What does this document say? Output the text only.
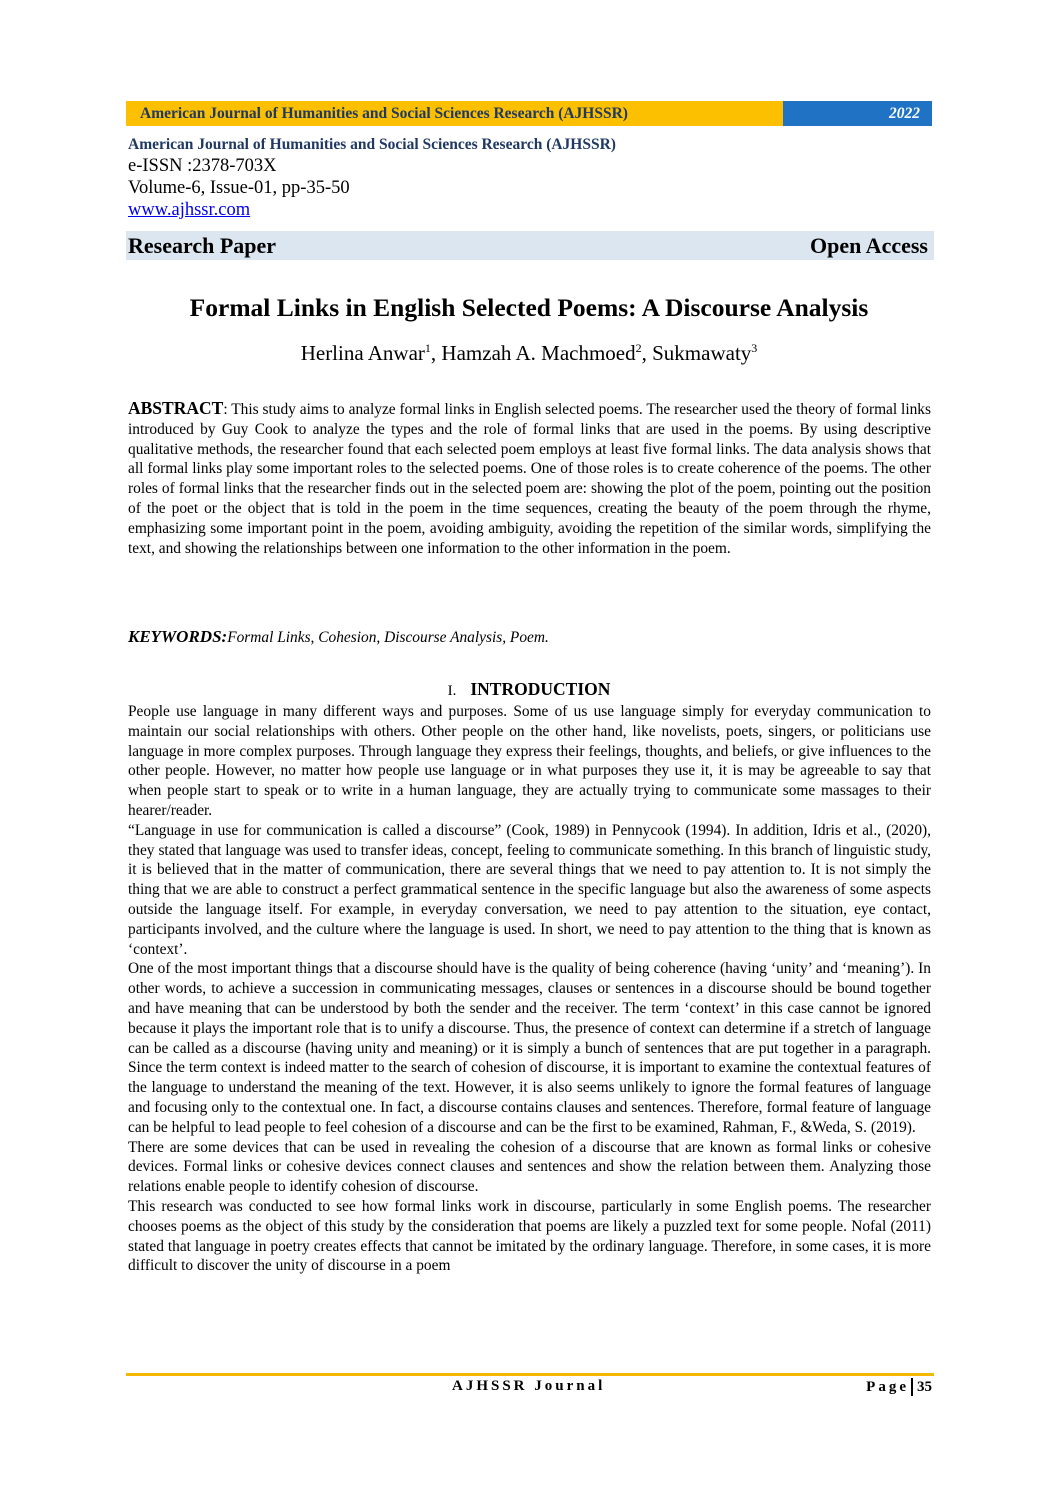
American Journal of Humanities and Social Sciences Research (AJHSSR)	2022
American Journal of Humanities and Social Sciences Research (AJHSSR)
e-ISSN :2378-703X
Volume-6, Issue-01, pp-35-50
www.ajhssr.com
Research Paper	Open Access
Formal Links in English Selected Poems: A Discourse Analysis
Herlina Anwar$^1$, Hamzah A. Machmoed$^2$, Sukmawaty$^3$
ABSTRACT: This study aims to analyze formal links in English selected poems. The researcher used the theory of formal links introduced by Guy Cook to analyze the types and the role of formal links that are used in the poems. By using descriptive qualitative methods, the researcher found that each selected poem employs at least five formal links. The data analysis shows that all formal links play some important roles to the selected poems. One of those roles is to create coherence of the poems. The other roles of formal links that the researcher finds out in the selected poem are: showing the plot of the poem, pointing out the position of the poet or the object that is told in the poem in the time sequences, creating the beauty of the poem through the rhyme, emphasizing some important point in the poem, avoiding ambiguity, avoiding the repetition of the similar words, simplifying the text, and showing the relationships between one information to the other information in the poem.
KEYWORDS:Formal Links, Cohesion, Discourse Analysis, Poem.
I. INTRODUCTION

People use language in many different ways and purposes. Some of us use language simply for everyday communication to maintain our social relationships with others. Other people on the other hand, like novelists, poets, singers, or politicians use language in more complex purposes. Through language they express their feelings, thoughts, and beliefs, or give influences to the other people. However, no matter how people use language or in what purposes they use it, it is may be agreeable to say that when people start to speak or to write in a human language, they are actually trying to communicate some massages to their hearer/reader.

“Language in use for communication is called a discourse” (Cook, 1989) in Pennycook (1994). In addition, Idris et al., (2020), they stated that language was used to transfer ideas, concept, feeling to communicate something. In this branch of linguistic study, it is believed that in the matter of communication, there are several things that we need to pay attention to. It is not simply the thing that we are able to construct a perfect grammatical sentence in the specific language but also the awareness of some aspects outside the language itself. For example, in everyday conversation, we need to pay attention to the situation, eye contact, participants involved, and the culture where the language is used. In short, we need to pay attention to the thing that is known as ‘context’.

One of the most important things that a discourse should have is the quality of being coherence (having ‘unity’ and ‘meaning’). In other words, to achieve a succession in communicating messages, clauses or sentences in a discourse should be bound together and have meaning that can be understood by both the sender and the receiver. The term ‘context’ in this case cannot be ignored because it plays the important role that is to unify a discourse. Thus, the presence of context can determine if a stretch of language can be called as a discourse (having unity and meaning) or it is simply a bunch of sentences that are put together in a paragraph. Since the term context is indeed matter to the search of cohesion of discourse, it is important to examine the contextual features of the language to understand the meaning of the text. However, it is also seems unlikely to ignore the formal features of language and focusing only to the contextual one. In fact, a discourse contains clauses and sentences. Therefore, formal feature of language can be helpful to lead people to feel cohesion of a discourse and can be the first to be examined, Rahman, F., &Weda, S. (2019).

There are some devices that can be used in revealing the cohesion of a discourse that are known as formal links or cohesive devices. Formal links or cohesive devices connect clauses and sentences and show the relation between them. Analyzing those relations enable people to identify cohesion of discourse.

This research was conducted to see how formal links work in discourse, particularly in some English poems. The researcher chooses poems as the object of this study by the consideration that poems are likely a puzzled text for some people. Nofal (2011) stated that language in poetry creates effects that cannot be imitated by the ordinary language. Therefore, in some cases, it is more difficult to discover the unity of discourse in a poem

AJHSSR Journal	Page 35
